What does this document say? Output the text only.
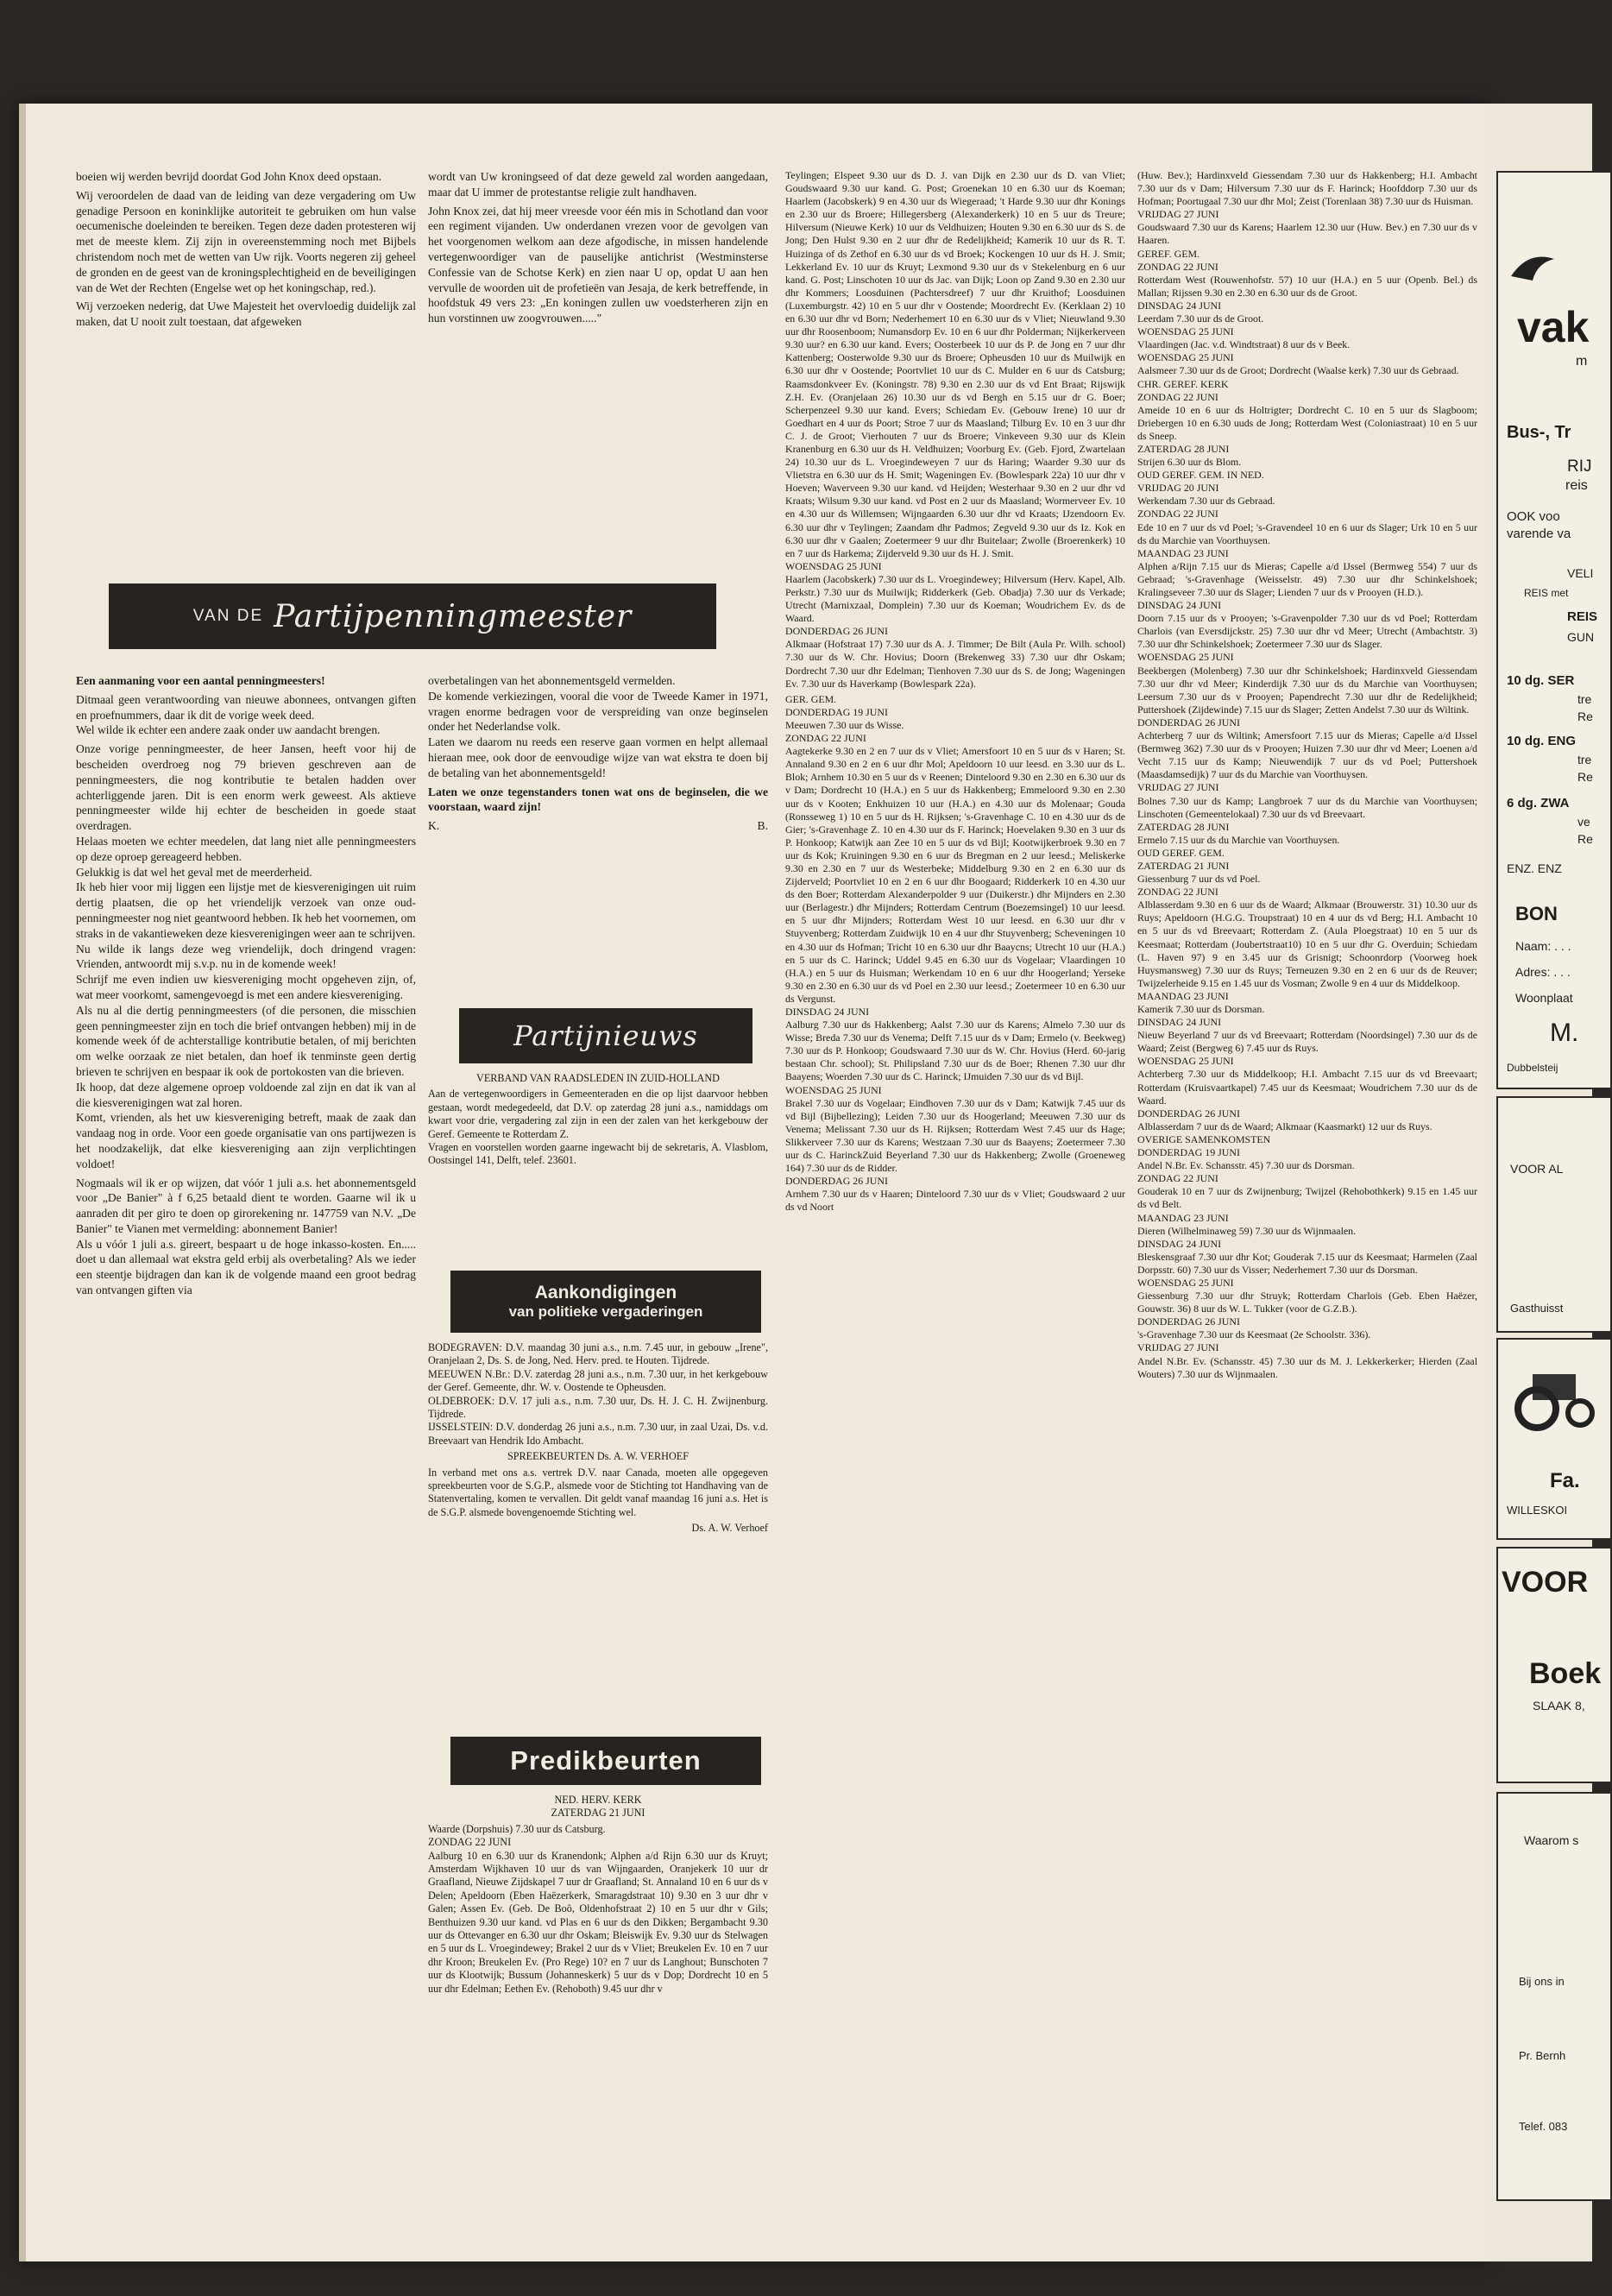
boeien wij werden bevrijd doordat God John Knox deed opstaan.

Wij veroordelen de daad van de leiding van deze vergadering om Uw genadige Persoon en koninklijke autoriteit te gebruiken om hun valse oecumenische doeleinden te bereiken. Tegen deze daden protesteren wij met de meeste klem. Zij zijn in overeenstemming noch met Bijbels christendom noch met de wetten van Uw rijk. Voorts negeren zij geheel de gronden en de geest van de kroningsplechtigheid en de beveiligingen van de Wet der Rechten (Engelse wet op het koningschap, red.).

Wij verzoeken nederig, dat Uwe Majesteit het overvloedig duidelijk zal maken, dat U nooit zult toestaan, dat afgeweken

wordt van Uw kroningseed of dat deze geweld zal worden aangedaan, maar dat U immer de protestantse religie zult handhaven.

John Knox zei, dat hij meer vreesde voor één mis in Schotland dan voor een regiment vijanden. Uw onderdanen vrezen voor de gevolgen van het voorgenomen welkom aan deze afgodische, in missen handelende vertegenwoordiger van de pauselijke antichrist (Westminsterse Confessie van de Schotse Kerk) en zien naar U op, opdat U aan hen vervulle de woorden uit de profetieën van Jesaja, de kerk betreffende, in hoofdstuk 49 vers 23: „En koningen zullen uw voedsterheren zijn en hun vorstinnen uw zoogvrouwen....."

VAN DE Partijpenningmeester

Een aanmaning voor een aantal penningmeesters!

Ditmaal geen verantwoording van nieuwe abonnees, ontvangen giften en proefnummers, daar ik dit de vorige week deed.
Wel wilde ik echter een andere zaak onder uw aandacht brengen.

Onze vorige penningmeester, de heer Jansen, heeft voor hij de bescheiden overdroeg nog 79 brieven geschreven aan de penningmeesters, die nog kontributie te betalen hadden over achterliggende jaren. Dit is een enorm werk geweest. Als aktieve penningmeester wilde hij echter de bescheiden in goede staat overdragen.
Helaas moeten we echter meedelen, dat lang niet alle penningmeesters op deze oproep gereageerd hebben.
Gelukkig is dat wel het geval met de meerderheid.
Ik heb hier voor mij liggen een lijstje met de kiesverenigingen uit ruim dertig plaatsen, die op het vriendelijk verzoek van onze oud-penningmeester nog niet geantwoord hebben. Ik heb het voornemen, om straks in de vakantieweken deze kiesverenigingen weer aan te schrijven.
Nu wilde ik langs deze weg vriendelijk, doch dringend vragen: Vrienden, antwoordt mij s.v.p. nu in de komende week!
Schrijf me even indien uw kiesvereniging mocht opgeheven zijn, of, wat meer voorkomt, samengevoegd is met een andere kiesvereniging.
Als nu al die dertig penningmeesters (of die personen, die misschien geen penningmeester zijn en toch die brief ontvangen hebben) mij in de komende week óf de achterstallige kontributie betalen, of mij berichten om welke oorzaak ze niet betalen, dan hoef ik tenminste geen dertig brieven te schrijven en bespaar ik ook de portokosten van die brieven.
Ik hoop, dat deze algemene oproep voldoende zal zijn en dat ik van al die kiesverenigingen wat zal horen.
Komt, vrienden, als het uw kiesvereniging betreft, maak de zaak dan vandaag nog in orde. Voor een goede organisatie van ons partijwezen is het noodzakelijk, dat elke kiesvereniging aan zijn verplichtingen voldoet!

Nogmaals wil ik er op wijzen, dat vóór 1 juli a.s. het abonnementsgeld voor „De Banier" à f 6,25 betaald dient te worden. Gaarne wil ik u aanraden dit per giro te doen op girorekening nr. 147759 van N.V. „De Banier" te Vianen met vermelding: abonnement Banier!
Als u vóór 1 juli a.s. gireert, bespaart u de hoge inkasso-kosten. En..... doet u dan allemaal wat ekstra geld erbij als overbetaling? Als we ieder een steentje bijdragen dan kan ik de volgende maand een groot bedrag van ontvangen giften via

overbetalingen van het abonnementsgeld vermelden.
De komende verkiezingen, vooral die voor de Tweede Kamer in 1971, vragen enorme bedragen voor de verspreiding van onze beginselen onder het Nederlandse volk.
Laten we daarom nu reeds een reserve gaan vormen en helpt allemaal hieraan mee, ook door de eenvoudige wijze van wat ekstra te doen bij de betaling van het abonnementsgeld!

Laten we onze tegenstanders tonen wat ons de beginselen, die we voorstaan, waard zijn!

K.	B.
Partijnieuws

VERBAND VAN RAADSLEDEN IN ZUID-HOLLAND

Aan de vertegenwoordigers in Gemeenteraden en die op lijst daarvoor hebben gestaan, wordt medegedeeld, dat D.V. op zaterdag 28 juni a.s., namiddags om kwart voor drie, vergadering zal zijn in een der zalen van het kerkgebouw der Geref. Gemeente te Rotterdam Z.
Vragen en voorstellen worden gaarne ingewacht bij de sekretaris, A. Vlasblom, Oostsingel 141, Delft, telef. 23601.

Aankondigingen
van politieke vergaderingen

BODEGRAVEN: D.V. maandag 30 juni a.s., n.m. 7.45 uur, in gebouw „Irene", Oranjelaan 2, Ds. S. de Jong, Ned. Herv. pred. te Houten. Tijdrede.
MEEUWEN N.Br.: D.V. zaterdag 28 juni a.s., n.m. 7.30 uur, in het kerkgebouw der Geref. Gemeente, dhr. W. v. Oostende te Opheusden.
OLDEBROEK: D.V. 17 juli a.s., n.m. 7.30 uur, Ds. H. J. C. H. Zwijnenburg. Tijdrede.
IJSSELSTEIN: D.V. donderdag 26 juni a.s., n.m. 7.30 uur, in zaal Uzai, Ds. v.d. Breevaart van Hendrik Ido Ambacht.

SPREEKBEURTEN Ds. A. W. VERHOEF

In verband met ons a.s. vertrek D.V. naar Canada, moeten alle opgegeven spreekbeurten voor de S.G.P., alsmede voor de Stichting tot Handhaving van de Statenvertaling, komen te vervallen. Dit geldt vanaf maandag 16 juni a.s. Het is de S.G.P. alsmede bovengenoemde Stichting wel.

Ds. A. W. Verhoef

Predikbeurten

NED. HERV. KERK
ZATERDAG 21 JUNI

Waarde (Dorpshuis) 7.30 uur ds Catsburg.
ZONDAG 22 JUNI
Aalburg 10 en 6.30 uur ds Kranendonk; Alphen a/d Rijn 6.30 uur ds Kruyt; Amsterdam Wijkhaven 10 uur ds van Wijngaarden, Oranjekerk 10 uur dr Graafland, Nieuwe Zijdskapel 7 uur dr Graafland; St. Annaland 10 en 6 uur ds v Delen; Apeldoorn (Eben Haëzerkerk, Smaragdstraat 10) 9.30 en 3 uur dhr v Galen; Assen Ev. (Geb. De Boô, Oldenhofstraat 2) 10 en 5 uur dhr v Gils; Benthuizen 9.30 uur kand. vd Plas en 6 uur ds den Dikken; Bergambacht 9.30 uur ds Ottevanger en 6.30 uur dhr Oskam; Bleiswijk Ev. 9.30 uur ds Stelwagen en 5 uur ds L. Vroegindewey; Brakel 2 uur ds v Vliet; Breukelen Ev. 10 en 7 uur dhr Kroon; Breukelen Ev. (Pro Rege) 10? en 7 uur ds Langhout; Bunschoten 7 uur ds Klootwijk; Bussum (Johanneskerk) 5 uur ds v Dop; Dordrecht 10 en 5 uur dhr Edelman; Eethen Ev. (Rehoboth) 9.45 uur dhr v

Teylingen; Elspeet 9.30 uur ds D. J. van Dijk en 2.30 uur ds D. van Vliet; Goudswaard 9.30 uur kand. G. Post; Groenekan 10 en 6.30 uur ds Koeman; Haarlem (Jacobskerk) 9 en 4.30 uur ds Wiegeraad; 't Harde 9.30 uur dhr Konings en 2.30 uur ds Broere; Hillegersberg (Alexanderkerk) 10 en 5 uur ds Treure; Hilversum (Nieuwe Kerk) 10 uur ds Veldhuizen; Houten 9.30 en 6.30 uur ds S. de Jong; Den Hulst 9.30 en 2 uur dhr de Redelijkheid; Kamerik 10 uur ds R. T. Huizinga of ds Zethof en 6.30 uur ds vd Broek; Kockengen 10 uur ds H. J. Smit; Lekkerland Ev. 10 uur ds Kruyt; Lexmond 9.30 uur ds v Stekelenburg en 6 uur kand. G. Post; Linschoten 10 uur ds Jac. van Dijk; Loon op Zand 9.30 en 2.30 uur dhr Kommers; Loosduinen (Pachtersdreef) 7 uur dhr Kruithof; Loosduinen (Luxemburgstr. 42) 10 en 5 uur dhr v Oostende; Moordrecht Ev. (Kerklaan 2) 10 en 6.30 uur dhr vd Born; Nederhemert 10 en 6.30 uur ds v Vliet; Nieuwland 9.30 uur dhr Roosenboom; Numansdorp Ev. 10 en 6 uur dhr Polderman; Nijkerkerveen 9.30 uur? en 6.30 uur kand. Evers; Oosterbeek 10 uur ds P. de Jong en 7 uur dhr Kattenberg; Oosterwolde 9.30 uur ds Broere; Opheusden 10 uur ds Muilwijk en 6.30 uur dhr v Oostende; Poortvliet 10 uur ds C. Mulder en 6 uur ds Catsburg; Raamsdonkveer Ev. (Koningstr. 78) 9.30 en 2.30 uur ds vd Ent Braat; Rijswijk Z.H. Ev. (Oranjelaan 26) 10.30 uur ds vd Bergh en 5.15 uur dr G. Boer; Scherpenzeel 9.30 uur kand. Evers; Schiedam Ev. (Gebouw Irene) 10 uur dr Goedhart en 4 uur ds Poort; Stroe 7 uur ds Maasland; Tilburg Ev. 10 en 3 uur dhr C. J. de Groot; Vierhouten 7 uur ds Broere; Vinkeveen 9.30 uur ds Klein Kranenburg en 6.30 uur ds H. Veldhuizen; Voorburg Ev. (Geb. Fjord, Zwartelaan 24) 10.30 uur ds L. Vroegindeweyen 7 uur ds Haring; Waarder 9.30 uur ds Vlietstra en 6.30 uur ds H. Smit; Wageningen Ev. (Bowlespark 22a) 10 uur dhr v Hoeven; Waverveen 9.30 uur kand. vd Heijden; Westerhaar 9.30 en 2 uur dhr vd Kraats; Wilsum 9.30 uur kand. vd Post en 2 uur ds Maasland; Wormerveer Ev. 10 en 4.30 uur ds Willemsen; Wijngaarden 6.30 uur dhr vd Kraats; IJzendoorn Ev. 6.30 uur dhr v Teylingen; Zaandam dhr Padmos; Zegveld 9.30 uur ds Iz. Kok en 6.30 uur dhr v Gaalen; Zoetermeer 9 uur dhr Buitelaar; Zwolle (Broerenkerk) 10 en 7 uur ds Harkema; Zijderveld 9.30 uur ds H. J. Smit.
WOENSDAG 25 JUNI
Haarlem (Jacobskerk) 7.30 uur ds L. Vroegindewey; Hilversum (Herv. Kapel, Alb. Perkstr.) 7.30 uur ds Muilwijk; Ridderkerk (Geb. Obadja) 7.30 uur ds Verkade; Utrecht (Marnixzaal, Domplein) 7.30 uur ds Koeman; Woudrichem Ev. ds de Waard.
DONDERDAG 26 JUNI
Alkmaar (Hofstraat 17) 7.30 uur ds A. J. Timmer; De Bilt (Aula Pr. Wilh. school) 7.30 uur ds W. Chr. Hovius; Doorn (Brekenweg 33) 7.30 uur dhr Oskam; Dordrecht 7.30 uur dhr Edelman; Tienhoven 7.30 uur ds S. de Jong; Wageningen Ev. 7.30 uur ds Haverkamp (Bowlespark 22a).

GER. GEM.
DONDERDAG 19 JUNI
Meeuwen 7.30 uur ds Wisse.
ZONDAG 22 JUNI
Aagtekerke 9.30 en 2 en 7 uur ds v Vliet; Amersfoort 10 en 5 uur ds v Haren; St. Annaland 9.30 en 2 en 6 uur dhr Mol; Apeldoorn 10 uur leesd. en 3.30 uur ds L. Blok; Arnhem 10.30 en 5 uur ds v Reenen; Dinteloord 9.30 en 2.30 en 6.30 uur ds v Dam; Dordrecht 10 (H.A.) en 5 uur ds Hakkenberg; Emmeloord 9.30 en 2.30 uur ds v Kooten; Enkhuizen 10 uur (H.A.) en 4.30 uur ds Molenaar; Gouda (Ronsseweg 1) 10 en 5 uur ds H. Rijksen; 's-Gravenhage C. 10 en 4.30 uur ds de Gier; 's-Gravenhage Z. 10 en 4.30 uur ds F. Harinck; Hoevelaken 9.30 en 3 uur ds P. Honkoop; Katwijk aan Zee 10 en 5 uur ds vd Bijl; Kootwijkerbroek 9.30 en 7 uur ds Kok; Kruiningen 9.30 en 6 uur ds Bregman en 2 uur leesd.; Meliskerke 9.30 en 2.30 en 7 uur ds Westerbeke; Middelburg 9.30 en 2 en 6.30 uur ds Zijderveld; Poortvliet 10 en 2 en 6 uur dhr Boogaard; Ridderkerk 10 en 4.30 uur ds den Boer; Rotterdam Alexanderpolder 9 uur (Duikerstr.) dhr Mijnders en 2.30 uur (Berlagestr.) dhr Mijnders; Rotterdam Centrum (Boezemsingel) 10 uur leesd. en 5 uur dhr Mijnders; Rotterdam West 10 uur leesd. en 6.30 uur dhr v Stuyvenberg; Rotterdam Zuidwijk 10 en 4 uur dhr Stuyvenberg; Scheveningen 10 en 4.30 uur ds Hofman; Tricht 10 en 6.30 uur dhr Baaycns; Utrecht 10 uur (H.A.) en 5 uur ds C. Harinck; Uddel 9.45 en 6.30 uur ds Vogelaar; Vlaardingen 10 (H.A.) en 5 uur ds Huisman; Werkendam 10 en 6 uur dhr Hoogerland; Yerseke 9.30 en 2.30 en 6.30 uur ds vd Poel en 2.30 uur leesd.; Zoetermeer 10 en 6.30 uur ds Vergunst.
DINSDAG 24 JUNI
Aalburg 7.30 uur ds Hakkenberg; Aalst 7.30 uur ds Karens; Almelo 7.30 uur ds Wisse; Breda 7.30 uur ds Venema; Delft 7.15 uur ds v Dam; Ermelo (v. Beekweg) 7.30 uur ds P. Honkoop; Goudswaard 7.30 uur ds W. Chr. Hovius (Herd. 60-jarig bestaan Chr. school); St. Philipsland 7.30 uur ds de Boer; Rhenen 7.30 uur dhr Baayens; Woerden 7.30 uur ds C. Harinck; IJmuiden 7.30 uur ds vd Bijl.
WOENSDAG 25 JUNI
Brakel 7.30 uur ds Vogelaar; Eindhoven 7.30 uur ds v Dam; Katwijk 7.45 uur ds vd Bijl (Bijbellezing); Leiden 7.30 uur ds Hoogerland; Meeuwen 7.30 uur ds Venema; Melissant 7.30 uur ds H. Rijksen; Rotterdam West 7.45 uur ds Hage; Slikkerveer 7.30 uur ds Karens; Westzaan 7.30 uur ds Baayens; Zoetermeer 7.30 uur ds C. HarinckZuid Beyerland 7.30 uur ds Hakkenberg; Zwolle (Groeneweg 164) 7.30 uur ds de Ridder.
DONDERDAG 26 JUNI
Arnhem 7.30 uur ds v Haaren; Dinteloord 7.30 uur ds v Vliet; Goudswaard 2 uur ds vd Noort

(Huw. Bev.); Hardinxveld Giessendam 7.30 uur ds Hakkenberg; H.I. Ambacht 7.30 uur ds v Dam; Hilversum 7.30 uur ds F. Harinck; Hoofddorp 7.30 uur ds Hofman; Poortugaal 7.30 uur dhr Mol; Zeist (Torenlaan 38) 7.30 uur ds Huisman.
VRIJDAG 27 JUNI
Goudswaard 7.30 uur ds Karens; Haarlem 12.30 uur (Huw. Bev.) en 7.30 uur ds v Haaren.
GEREF. GEM.
ZONDAG 22 JUNI
Rotterdam West (Rouwenhofstr. 57) 10 uur (H.A.) en 5 uur (Openb. Bel.) ds Mallan; Rijssen 9.30 en 2.30 en 6.30 uur ds de Groot.
DINSDAG 24 JUNI
Leerdam 7.30 uur ds de Groot.
WOENSDAG 25 JUNI
Vlaardingen (Jac. v.d. Windtstraat) 8 uur ds v Beek.
WOENSDAG 25 JUNI
Aalsmeer 7.30 uur ds de Groot; Dordrecht (Waalse kerk) 7.30 uur ds Gebraad.
CHR. GEREF. KERK
ZONDAG 22 JUNI
Ameide 10 en 6 uur ds Holtrigter; Dordrecht C. 10 en 5 uur ds Slagboom; Driebergen 10 en 6.30 uuds de Jong; Rotterdam West (Coloniastraat) 10 en 5 uur ds Sneep.
ZATERDAG 28 JUNI
Strijen 6.30 uur ds Blom.
OUD GEREF. GEM. IN NED.
VRIJDAG 20 JUNI
Werkendam 7.30 uur ds Gebraad.
ZONDAG 22 JUNI
Ede 10 en 7 uur ds vd Poel; 's-Gravendeel 10 en 6 uur ds Slager; Urk 10 en 5 uur ds du Marchie van Voorthuysen.
MAANDAG 23 JUNI
Alphen a/Rijn 7.15 uur ds Mieras; Capelle a/d IJssel (Bermweg 554) 7 uur ds Gebraad; 's-Gravenhage (Weisselstr. 49) 7.30 uur dhr Schinkelshoek; Kralingseveer 7.30 uur ds Slager; Lienden 7 uur ds v Prooyen (H.D.).
DINSDAG 24 JUNI
Doorn 7.15 uur ds v Prooyen; 's-Gravenpolder 7.30 uur ds vd Poel; Rotterdam Charlois (van Eversdijckstr. 25) 7.30 uur dhr vd Meer; Utrecht (Ambachtstr. 3) 7.30 uur dhr Schinkelshoek; Zoetermeer 7.30 uur ds Slager.
WOENSDAG 25 JUNI
Beekbergen (Molenberg) 7.30 uur dhr Schinkelshoek; Hardinxveld Giessendam 7.30 uur dhr vd Meer; Kinderdijk 7.30 uur ds du Marchie van Voorthuysen; Leersum 7.30 uur ds v Prooyen; Papendrecht 7.30 uur dhr de Redelijkheid; Puttershoek (Zijdewinde) 7.15 uur ds Slager; Zetten Andelst 7.30 uur ds Wiltink.
DONDERDAG 26 JUNI
Achterberg 7 uur ds Wiltink; Amersfoort 7.15 uur ds Mieras; Capelle a/d IJssel (Bermweg 362) 7.30 uur ds v Prooyen; Huizen 7.30 uur dhr vd Meer; Loenen a/d Vecht 7.15 uur ds Kamp; Nieuwendijk 7 uur ds vd Poel; Puttershoek (Maasdamsedijk) 7 uur ds du Marchie van Voorthuysen.
VRIJDAG 27 JUNI
Bolnes 7.30 uur ds Kamp; Langbroek 7 uur ds du Marchie van Voorthuysen; Linschoten (Gemeentelokaal) 7.30 uur ds vd Breevaart.
ZATERDAG 28 JUNI
Ermelo 7.15 uur ds du Marchie van Voorthuysen.
OUD GEREF. GEM.
ZATERDAG 21 JUNI
Giessenburg 7 uur ds vd Poel.
ZONDAG 22 JUNI
Alblasserdam 9.30 en 6 uur ds de Waard; Alkmaar (Brouwerstr. 31) 10.30 uur ds Ruys; Apeldoorn (H.G.G. Troupstraat) 10 en 4 uur ds vd Berg; H.I. Ambacht 10 en 5 uur ds vd Breevaart; Rotterdam Z. (Aula Ploegstraat) 10 en 5 uur ds Keesmaat; Rotterdam (Joubertstraat10) 10 en 5 uur dhr G. Overduin; Schiedam (L. Haven 97) 9 en 3.45 uur ds Grisnigt; Schoonrdorp (Voorweg hoek Huysmansweg) 7.30 uur ds Ruys; Terneuzen 9.30 en 2 en 6 uur ds de Reuver; Twijzelerheide 9.15 en 1.45 uur ds Vosman; Zwolle 9 en 4 uur ds Middelkoop.
MAANDAG 23 JUNI
Kamerik 7.30 uur ds Dorsman.
DINSDAG 24 JUNI
Nieuw Beyerland 7 uur ds vd Breevaart; Rotterdam (Noordsingel) 7.30 uur ds de Waard; Zeist (Bergweg 6) 7.45 uur ds Ruys.
WOENSDAG 25 JUNI
Achterberg 7.30 uur ds Middelkoop; H.I. Ambacht 7.15 uur ds vd Breevaart; Rotterdam (Kruisvaartkapel) 7.45 uur ds Keesmaat; Woudrichem 7.30 uur ds de Waard.
DONDERDAG 26 JUNI
Alblasserdam 7 uur ds de Waard; Alkmaar (Kaasmarkt) 12 uur ds Ruys.
OVERIGE SAMENKOMSTEN
DONDERDAG 19 JUNI
Andel N.Br. Ev. Schansstr. 45) 7.30 uur ds Dorsman.
ZONDAG 22 JUNI
Gouderak 10 en 7 uur ds Zwijnenburg; Twijzel (Rehobothkerk) 9.15 en 1.45 uur ds vd Belt.
MAANDAG 23 JUNI
Dieren (Wilhelminaweg 59) 7.30 uur ds Wijnmaalen.
DINSDAG 24 JUNI
Bleskensgraaf 7.30 uur dhr Kot; Gouderak 7.15 uur ds Keesmaat; Harmelen (Zaal Dorpsstr. 60) 7.30 uur ds Visser; Nederhemert 7.30 uur ds Dorsman.
WOENSDAG 25 JUNI
Giessenburg 7.30 uur dhr Struyk; Rotterdam Charlois (Geb. Eben Haëzer, Gouwstr. 36) 8 uur ds W. L. Tukker (voor de G.Z.B.).
DONDERDAG 26 JUNI
's-Gravenhage 7.30 uur ds Keesmaat (2e Schoolstr. 336).
VRIJDAG 27 JUNI
Andel N.Br. Ev. (Schansstr. 45) 7.30 uur ds M. J. Lekkerkerker; Hierden (Zaal Wouters) 7.30 uur ds Wijnmaalen.

vak
m
Bus-, Tr
RIJ
reis
OOK voo
varende va
VELI
REIS met
REIS
GUN
10 dg. SER
tre
Re
10 dg. ENG
tre
Re
6 dg. ZWA
ve
Re
ENZ. ENZ
BON
Naam: . . .
Adres: . . .
Woonplaat
M.
Dubbelsteij
VOOR AL
Gasthuisst
Fa.
WILLESKOI
VOOR
Boek
SLAAK 8,
Waarom s
Bij ons in
Pr. Bernh
Telef. 083
